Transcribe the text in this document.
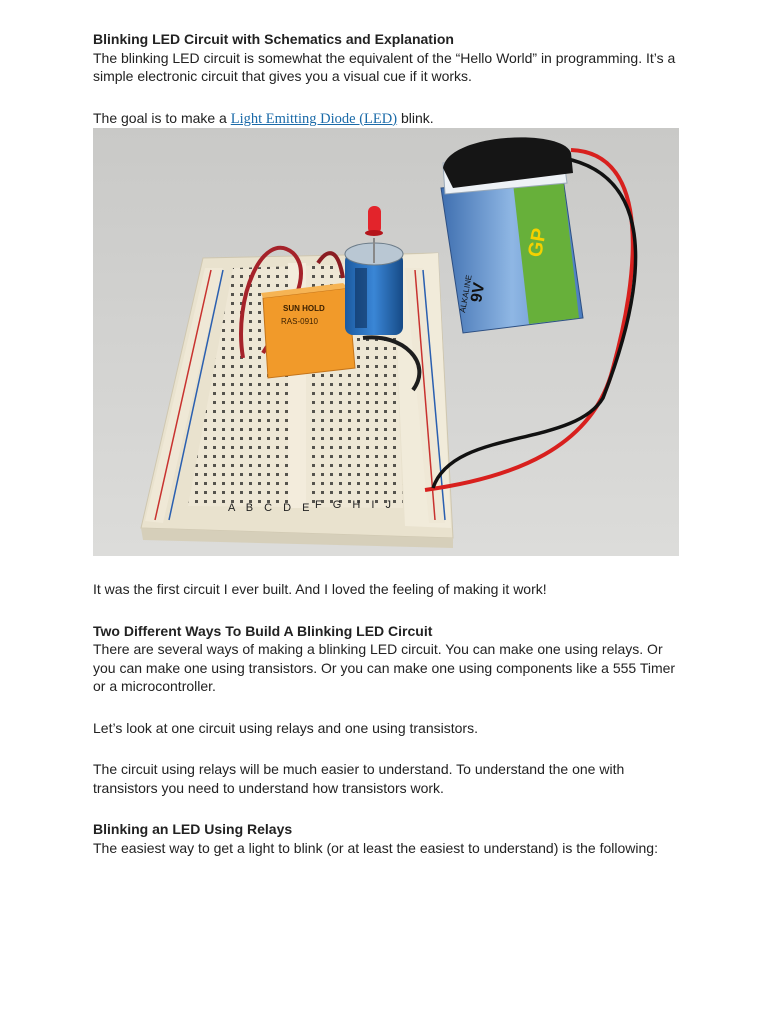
Blinking LED Circuit with Schematics and Explanation

The blinking LED circuit is somewhat the equivalent of the “Hello World” in programming. It’s a simple electronic circuit that gives you a visual cue if it works.

The goal is to make a Light Emitting Diode (LED) blink.

A B C D E F G H I J
SUN HOLD
RAS-0910
GP
9V
ALKALINE

It was the first circuit I ever built. And I loved the feeling of making it work!

Two Different Ways To Build A Blinking LED Circuit

There are several ways of making a blinking LED circuit. You can make one using relays. Or you can make one using transistors. Or you can make one using components like a 555 Timer or a microcontroller.

Let’s look at one circuit using relays and one using transistors.

The circuit using relays will be much easier to understand. To understand the one with transistors you need to understand how transistors work.

Blinking an LED Using Relays

The easiest way to get a light to blink (or at least the easiest to understand) is the following:
